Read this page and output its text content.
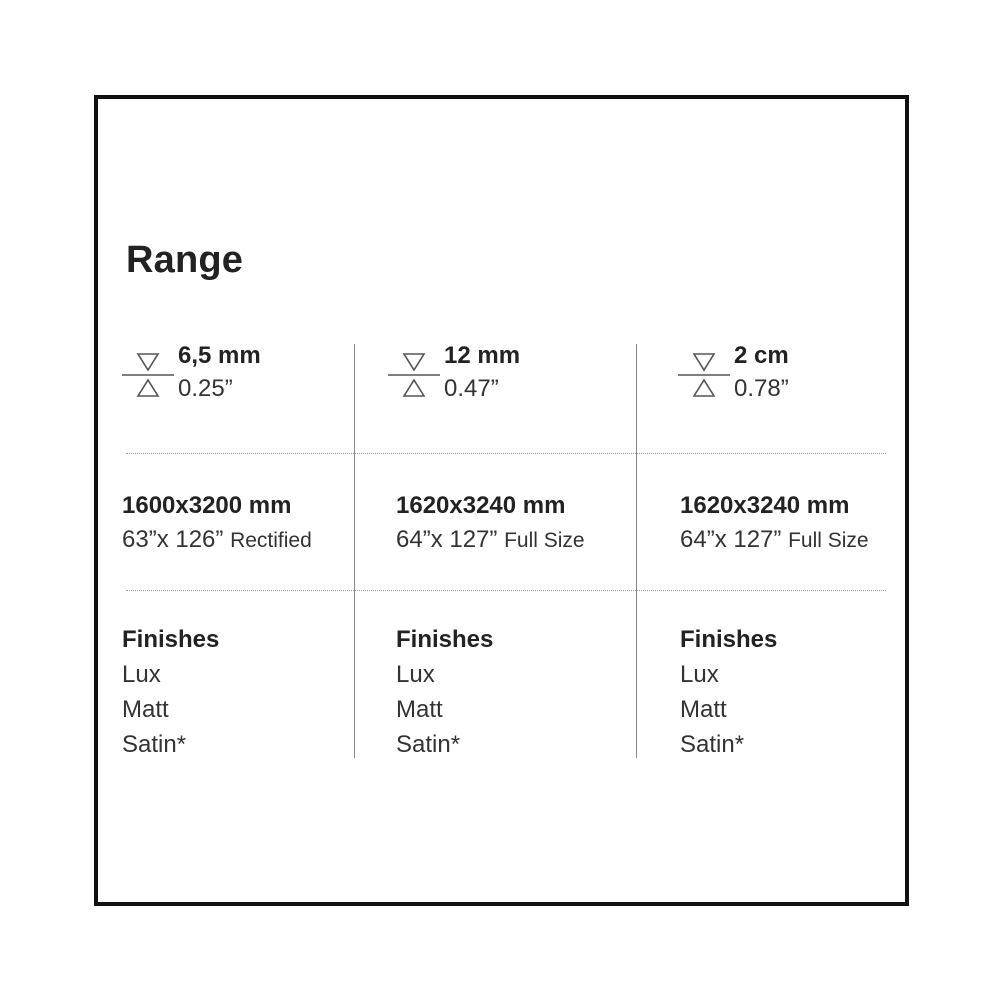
Range
6,5 mm
0.25”
1600x3200 mm
63”x 126” Rectified
Finishes
Lux
Matt
Satin*
12 mm
0.47”
1620x3240 mm
64”x 127” Full Size
Finishes
Lux
Matt
Satin*
2 cm
0.78”
1620x3240 mm
64”x 127” Full Size
Finishes
Lux
Matt
Satin*
